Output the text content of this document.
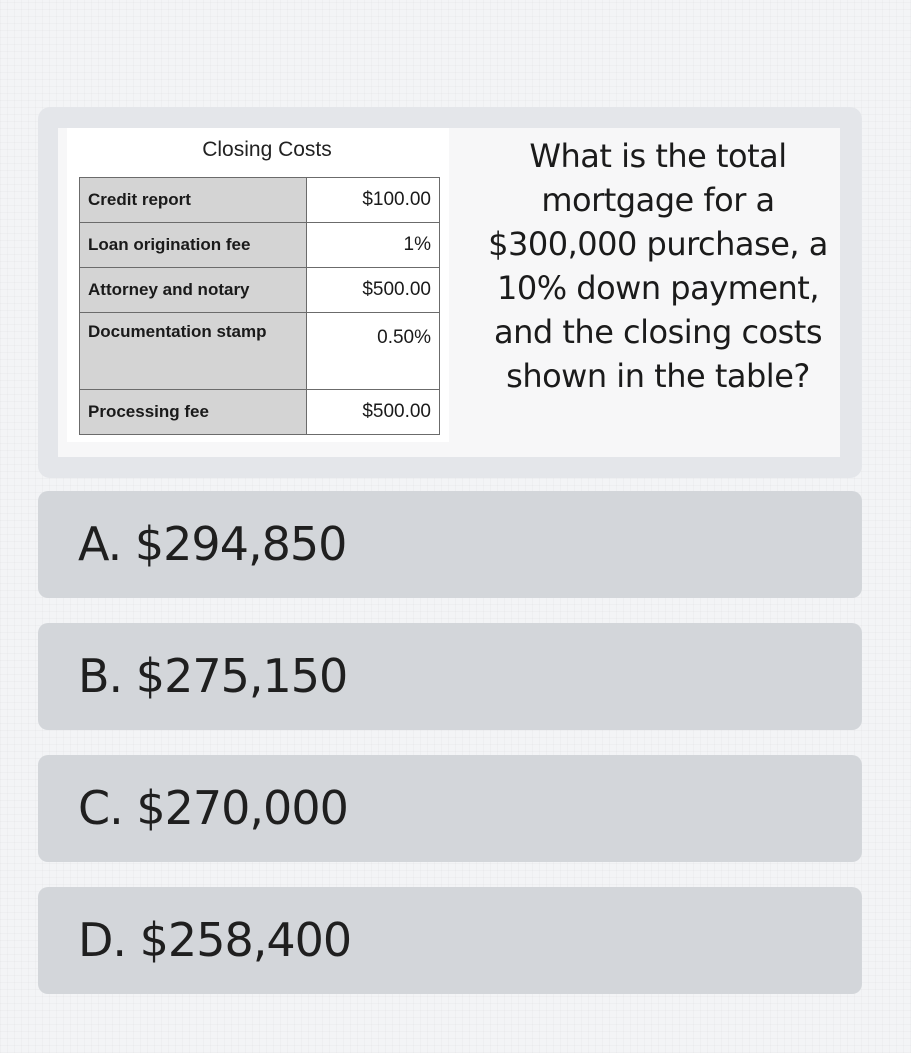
Closing Costs
Credit report	$100.00
Loan origination fee	1%
Attorney and notary	$500.00
Documentation stamp	0.50%
Processing fee	$500.00
What is the total mortgage for a $300,000 purchase, a 10% down payment, and the closing costs shown in the table?
A. $294,850
B. $275,150
C. $270,000
D. $258,400
